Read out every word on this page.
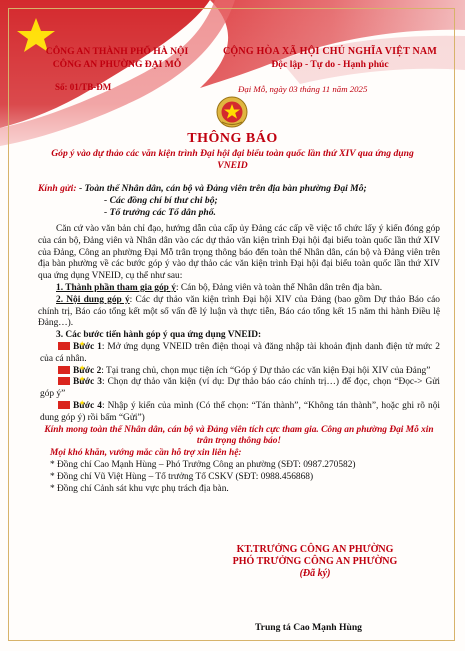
CÔNG AN THÀNH PHỐ HÀ NỘI
CÔNG AN PHƯỜNG ĐẠI MỖ
CỘNG HÒA XÃ HỘI CHỦ NGHĨA VIỆT NAM
Độc lập - Tự do - Hạnh phúc
Số: 01/TB-ĐM	Đại Mỗ, ngày 03 tháng 11 năm 2025
THÔNG BÁO
Góp ý vào dự thảo các văn kiện trình Đại hội đại biểu toàn quốc lần thứ XIV qua ứng dụng VNEID
Kính gửi: - Toàn thể Nhân dân, cán bộ và Đảng viên trên địa bàn phường Đại Mỗ;
- Các đồng chí bí thư chi bộ;
- Tổ trưởng các Tổ dân phố.

Căn cứ vào văn bản chỉ đạo, hướng dẫn của cấp ủy Đảng các cấp về việc tổ chức lấy ý kiến đóng góp của cán bộ, Đảng viên và Nhân dân vào các dự thảo văn kiện trình Đại hội đại biểu toàn quốc lần thứ XIV của Đảng, Công an phường Đại Mỗ trân trọng thông báo đến toàn thể Nhân dân, cán bộ và Đảng viên trên địa bàn phường về các bước góp ý vào dự thảo các văn kiện trình Đại hội đại biểu toàn quốc lần thứ XIV qua ứng dụng VNEID, cụ thể như sau:

1. Thành phần tham gia góp ý: Cán bộ, Đảng viên và toàn thể Nhân dân trên địa bàn.

2. Nội dung góp ý: Các dự thảo văn kiện trình Đại hội XIV của Đảng (bao gồm Dự thảo Báo cáo chính trị, Báo cáo tổng kết một số vấn đề lý luận và thực tiễn, Báo cáo tổng kết 15 năm thi hành Điều lệ Đảng…).

3. Các bước tiến hành góp ý qua ứng dụng VNEID:

★Bước 1: Mở ứng dụng VNEID trên điện thoại và đăng nhập tài khoản định danh điện tử mức 2 của cá nhân.

★Bước 2: Tại trang chủ, chọn mục tiện ích “Góp ý Dự thảo các văn kiện Đại hội XIV của Đảng”

★Bước 3: Chọn dự thảo văn kiện (ví dụ: Dự thảo báo cáo chính trị…) để đọc, chọn “Đọc-> Gửi góp ý”

★Bước 4: Nhập ý kiến của mình (Có thể chọn: “Tán thành”, “Không tán thành”, hoặc ghi rõ nội dung góp ý) rồi bấm “Gửi”)

Kính mong toàn thể Nhân dân, cán bộ và Đảng viên tích cực tham gia. Công an phường Đại Mỗ xin trân trọng thông báo!

Mọi khó khăn, vướng mắc cần hỗ trợ xin liên hệ:

* Đồng chí Cao Mạnh Hùng – Phó Trưởng Công an phường (SĐT: 0987.270582)

* Đồng chí Vũ Việt Hùng – Tổ trưởng Tổ CSKV (SĐT: 0988.456868)

* Đồng chí Cảnh sát khu vực phụ trách địa bàn.

KT.TRƯỞNG CÔNG AN PHƯỜNG
PHÓ TRƯỞNG CÔNG AN PHƯỜNG
(Đã ký)
Trung tá Cao Mạnh Hùng
